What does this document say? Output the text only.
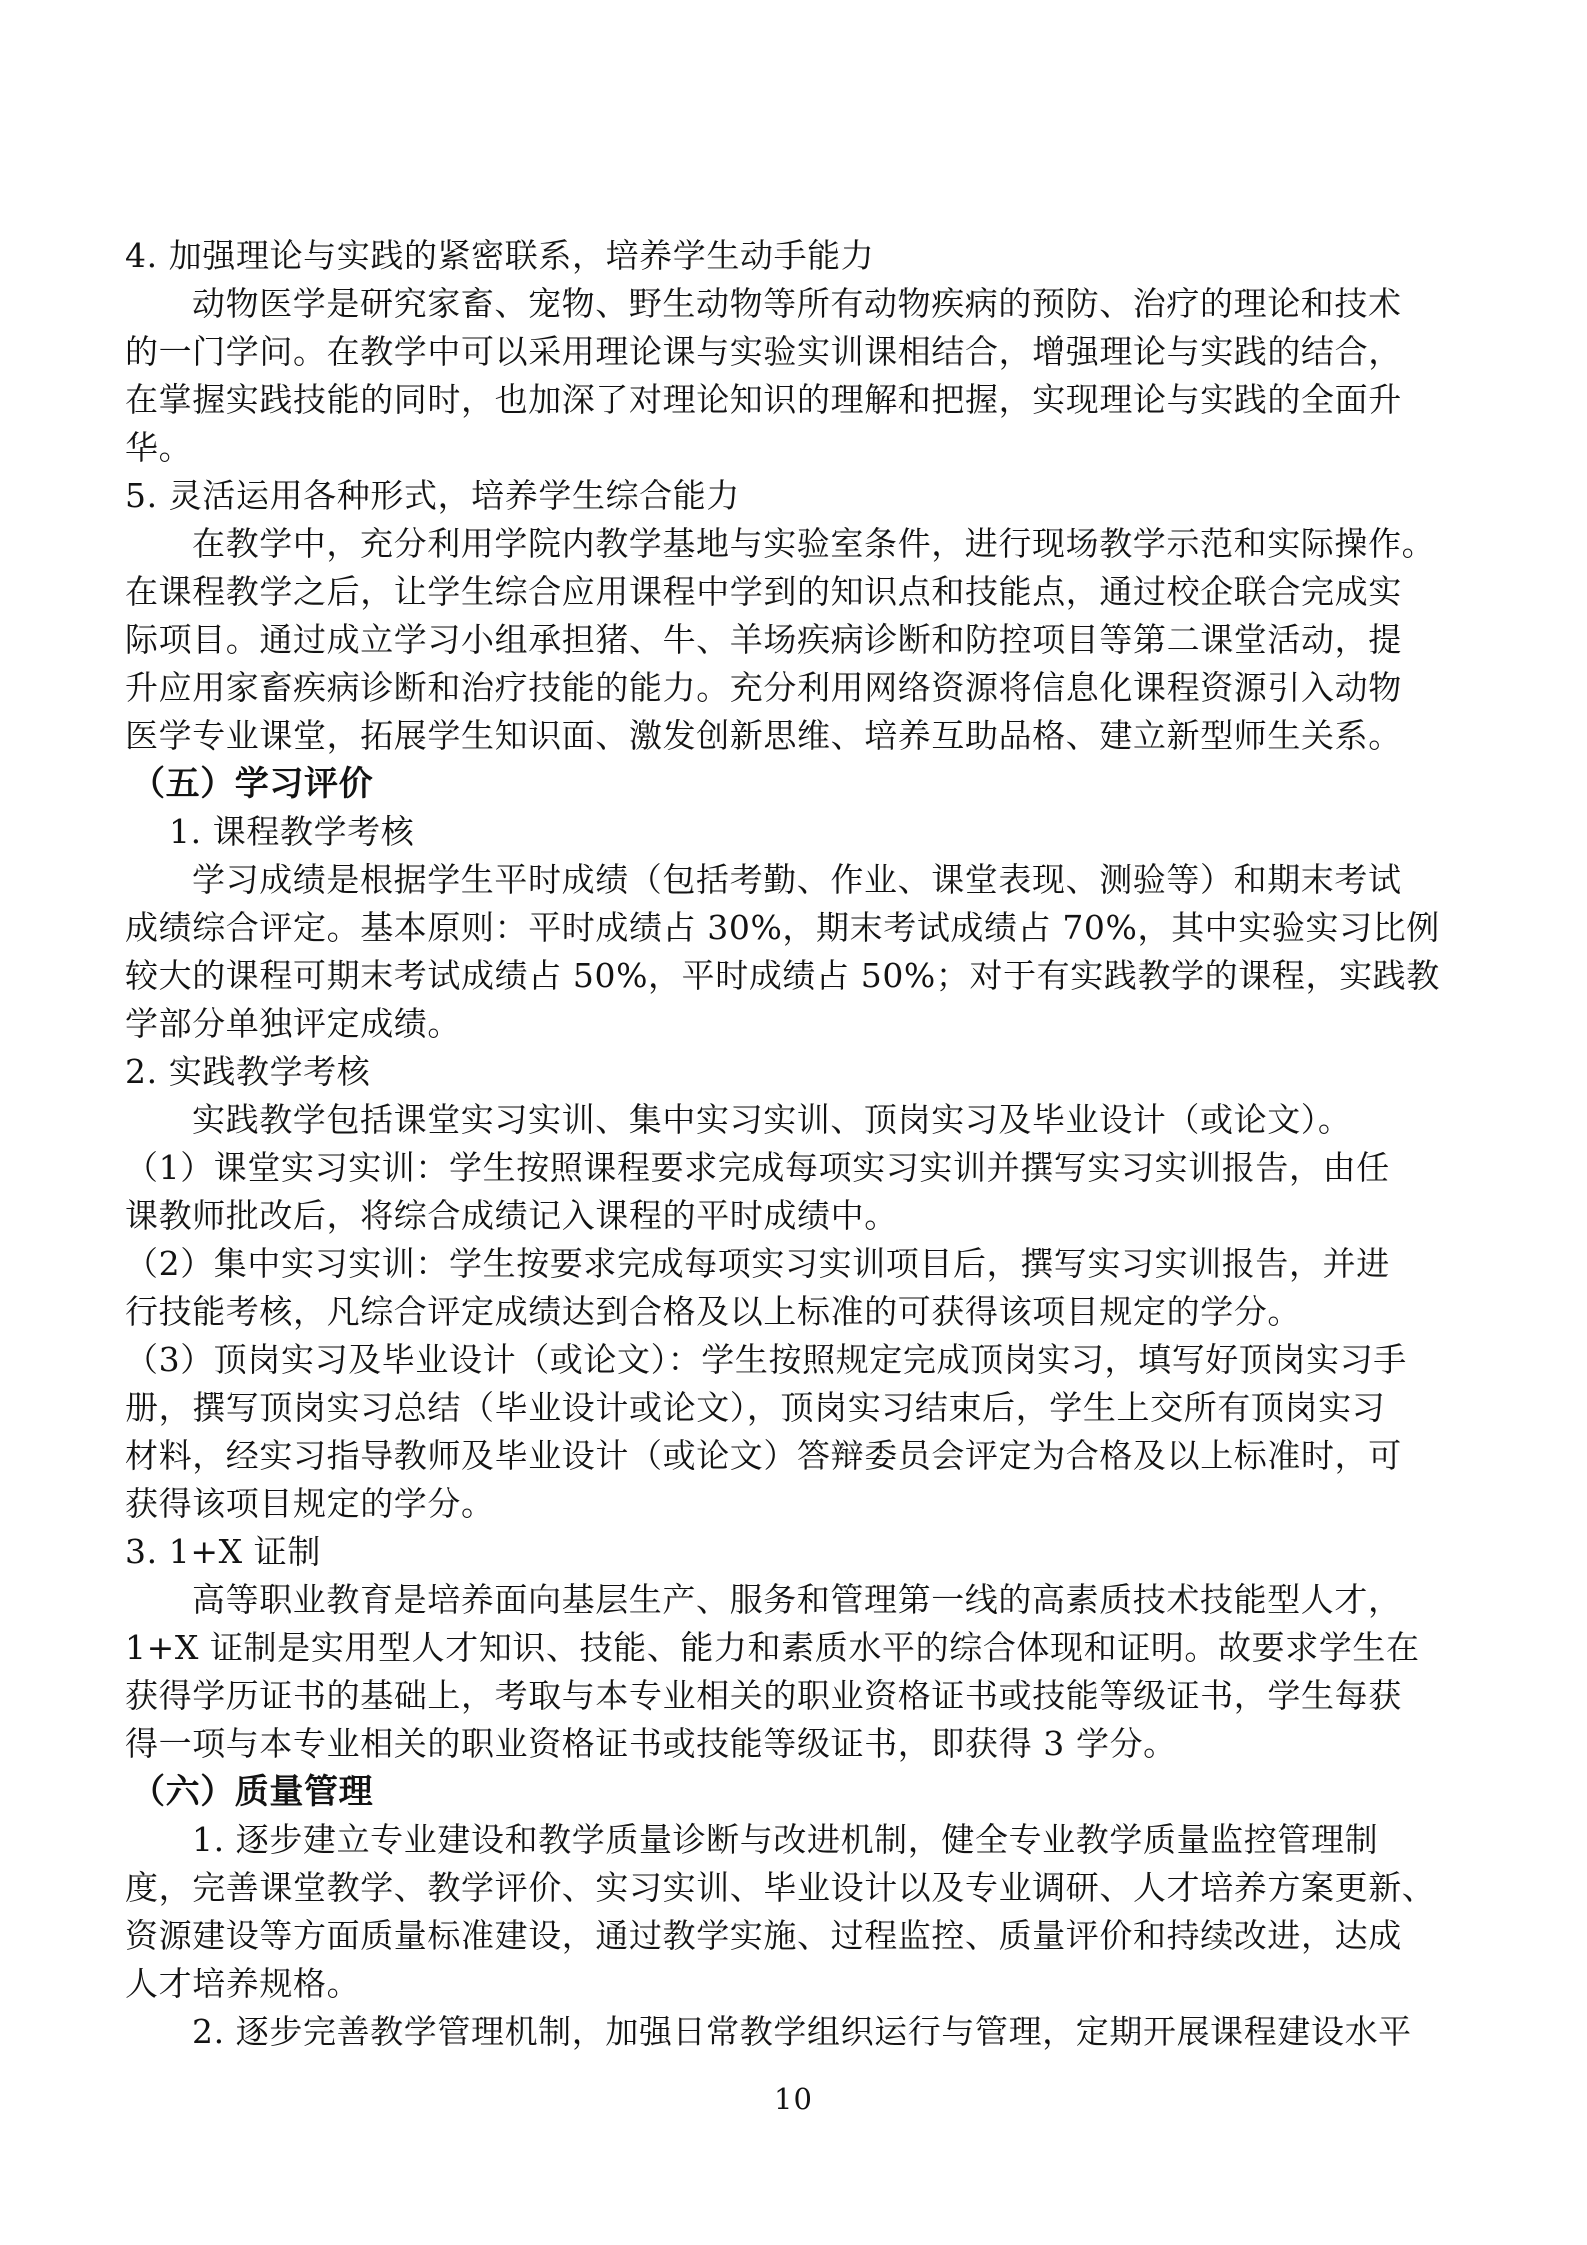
4. 加强理论与实践的紧密联系，培养学生动手能力
动物医学是研究家畜、宠物、野生动物等所有动物疾病的预防、治疗的理论和技术
的一门学问。在教学中可以采用理论课与实验实训课相结合，增强理论与实践的结合，
在掌握实践技能的同时，也加深了对理论知识的理解和把握，实现理论与实践的全面升
华。
5. 灵活运用各种形式，培养学生综合能力
在教学中，充分利用学院内教学基地与实验室条件，进行现场教学示范和实际操作。
在课程教学之后，让学生综合应用课程中学到的知识点和技能点，通过校企联合完成实
际项目。通过成立学习小组承担猪、牛、羊场疾病诊断和防控项目等第二课堂活动，提
升应用家畜疾病诊断和治疗技能的能力。充分利用网络资源将信息化课程资源引入动物
医学专业课堂，拓展学生知识面、激发创新思维、培养互助品格、建立新型师生关系。
（五）学习评价
1. 课程教学考核
学习成绩是根据学生平时成绩（包括考勤、作业、课堂表现、测验等）和期末考试
成绩综合评定。基本原则：平时成绩占 30%，期末考试成绩占 70%，其中实验实习比例
较大的课程可期末考试成绩占 50%，平时成绩占 50%；对于有实践教学的课程，实践教
学部分单独评定成绩。
2. 实践教学考核
实践教学包括课堂实习实训、集中实习实训、顶岗实习及毕业设计（或论文）。
（1）课堂实习实训：学生按照课程要求完成每项实习实训并撰写实习实训报告，由任
课教师批改后，将综合成绩记入课程的平时成绩中。
（2）集中实习实训：学生按要求完成每项实习实训项目后，撰写实习实训报告，并进
行技能考核，凡综合评定成绩达到合格及以上标准的可获得该项目规定的学分。
（3）顶岗实习及毕业设计（或论文）：学生按照规定完成顶岗实习，填写好顶岗实习手
册，撰写顶岗实习总结（毕业设计或论文），顶岗实习结束后，学生上交所有顶岗实习
材料，经实习指导教师及毕业设计（或论文）答辩委员会评定为合格及以上标准时，可
获得该项目规定的学分。
3. 1+X 证制
高等职业教育是培养面向基层生产、服务和管理第一线的高素质技术技能型人才，
1+X 证制是实用型人才知识、技能、能力和素质水平的综合体现和证明。故要求学生在
获得学历证书的基础上，考取与本专业相关的职业资格证书或技能等级证书，学生每获
得一项与本专业相关的职业资格证书或技能等级证书，即获得 3 学分。
（六）质量管理
1. 逐步建立专业建设和教学质量诊断与改进机制，健全专业教学质量监控管理制
度，完善课堂教学、教学评价、实习实训、毕业设计以及专业调研、人才培养方案更新、
资源建设等方面质量标准建设，通过教学实施、过程监控、质量评价和持续改进，达成
人才培养规格。
2. 逐步完善教学管理机制，加强日常教学组织运行与管理，定期开展课程建设水平
10
